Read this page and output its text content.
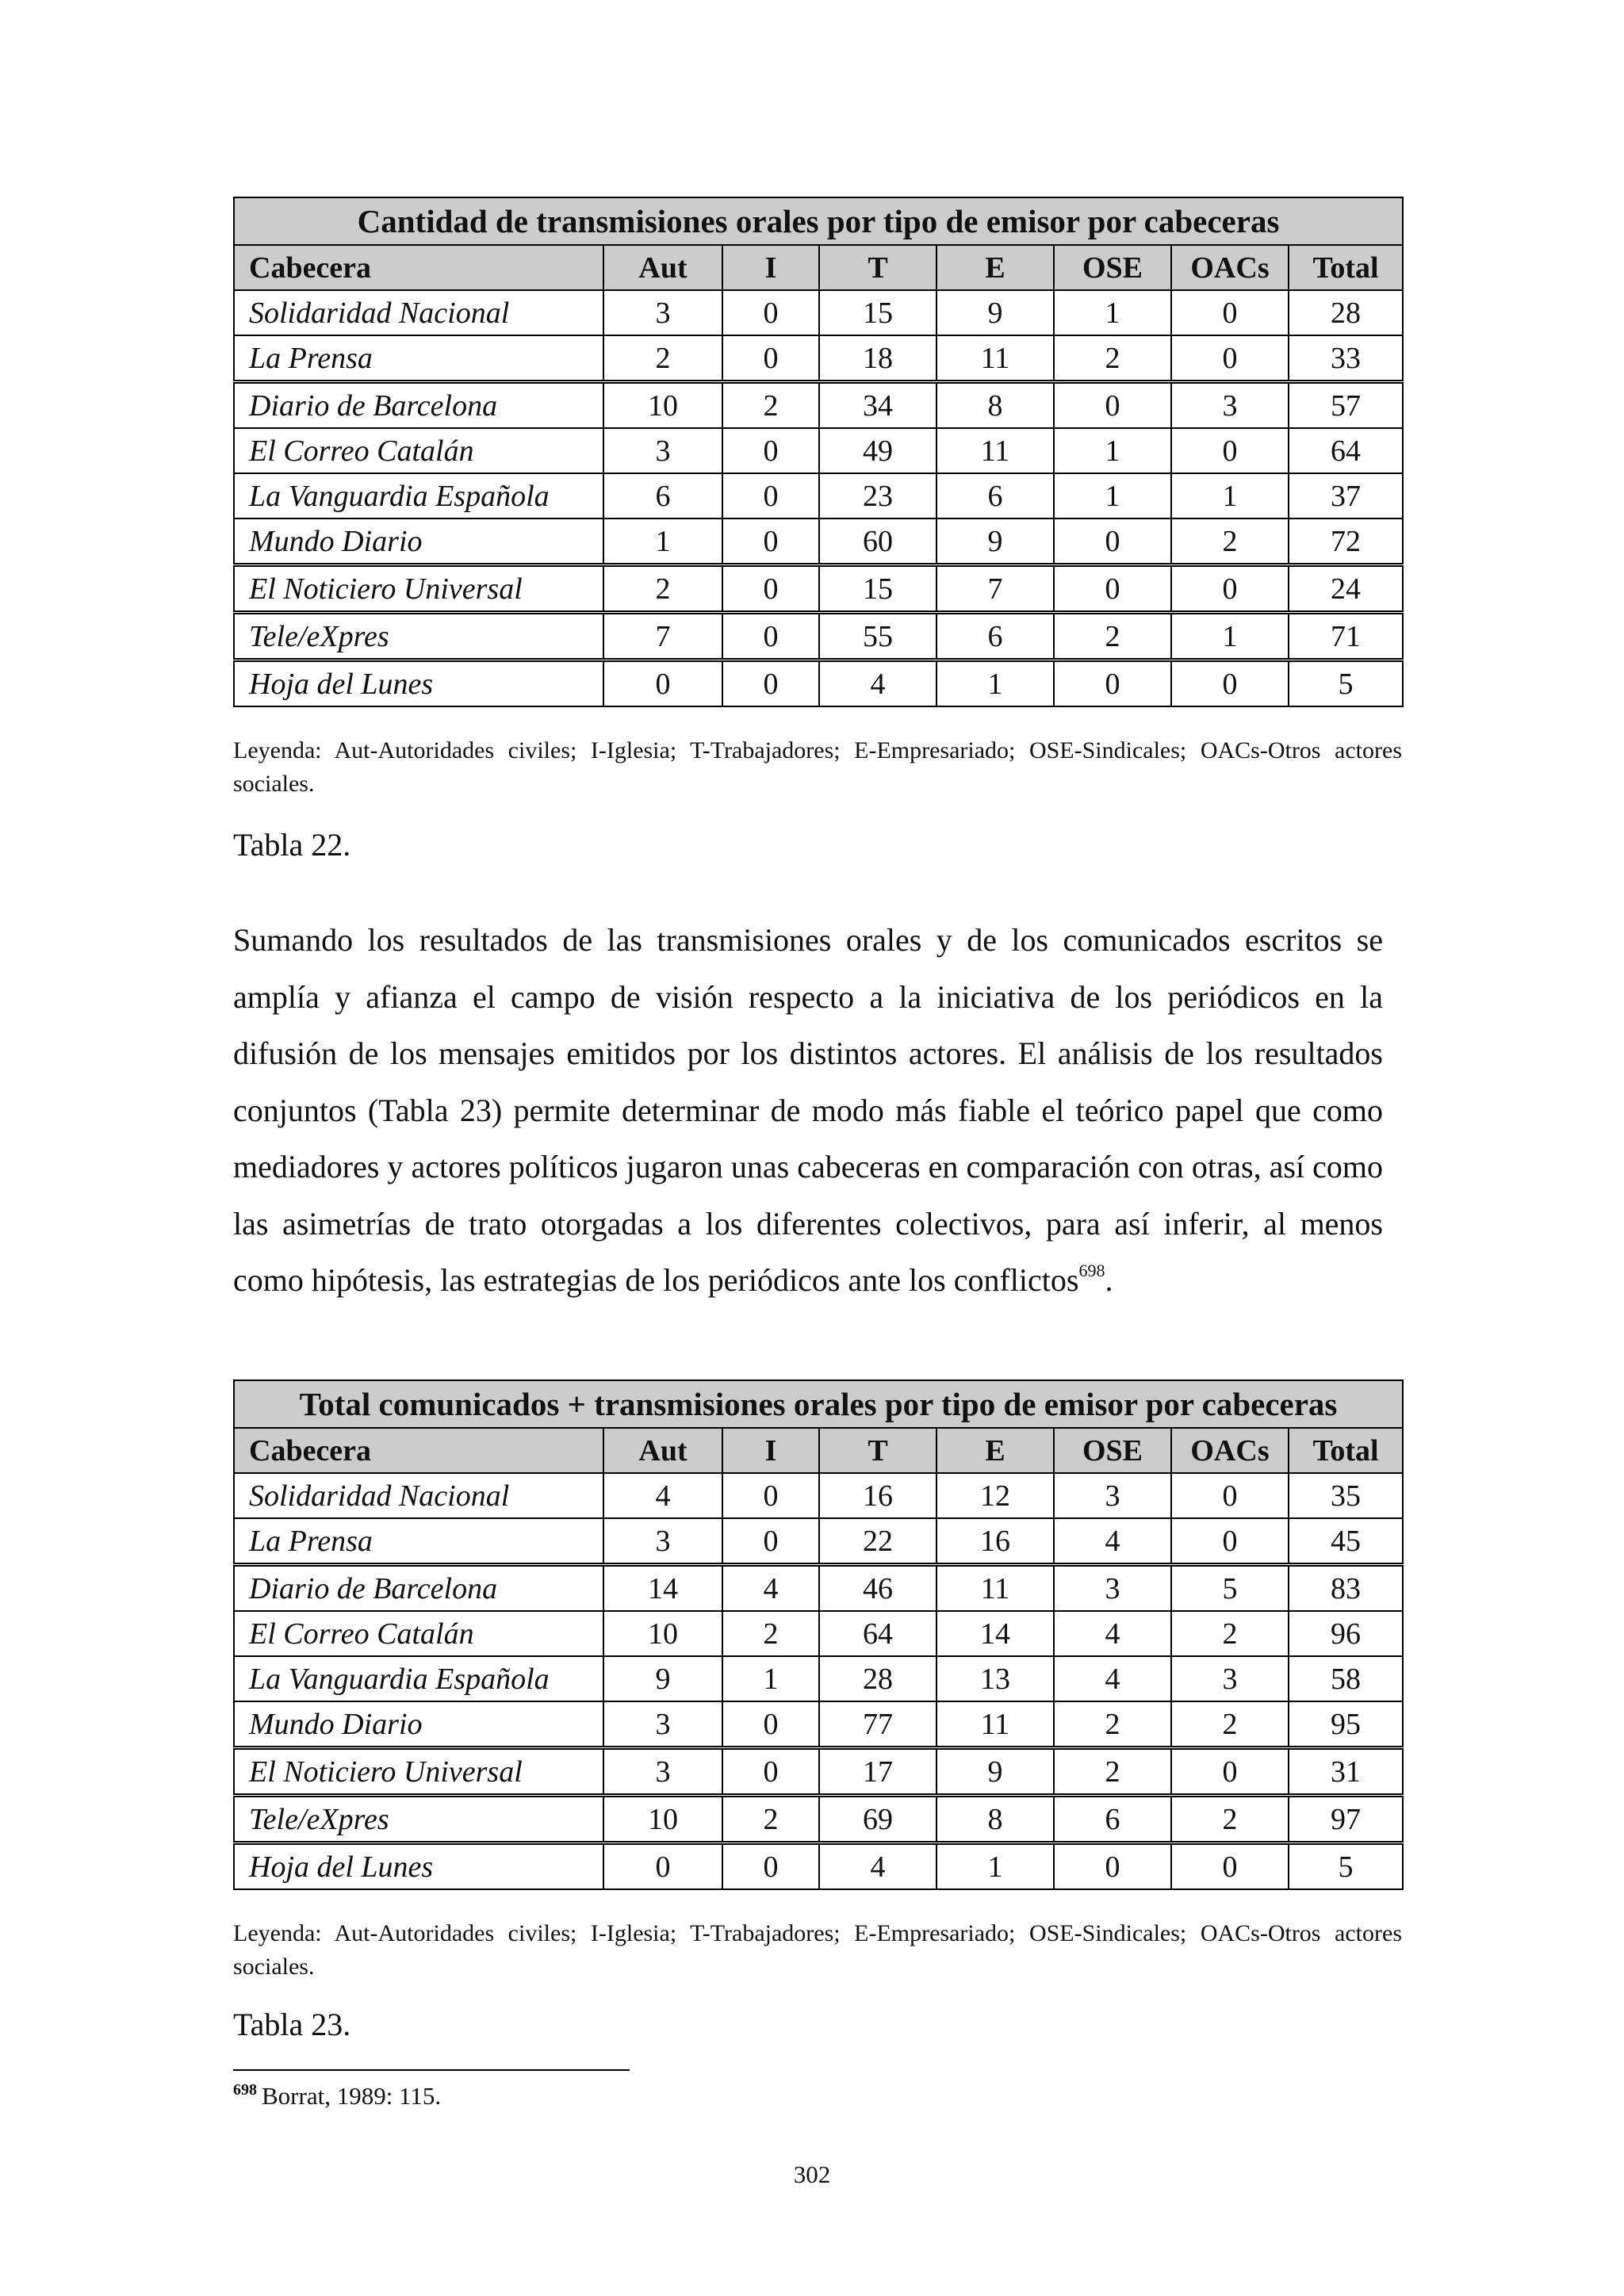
Cantidad de transmisiones orales por tipo de emisor por cabeceras							
Cabecera	Aut	I	T	E	OSE	OACs	Total
Solidaridad Nacional	3	0	15	9	1	0	28
La Prensa	2	0	18	11	2	0	33
Diario de Barcelona	10	2	34	8	0	3	57
El Correo Catalán	3	0	49	11	1	0	64
La Vanguardia Española	6	0	23	6	1	1	37
Mundo Diario	1	0	60	9	0	2	72
El Noticiero Universal	2	0	15	7	0	0	24
Tele/eXpres	7	0	55	6	2	1	71
Hoja del Lunes	0	0	4	1	0	0	5
Leyenda: Aut-Autoridades civiles; I-Iglesia; T-Trabajadores; E-Empresariado; OSE-Sindicales; OACs-Otros actores sociales.
Tabla 22.
Sumando los resultados de las transmisiones orales y de los comunicados escritos se amplía y afianza el campo de visión respecto a la iniciativa de los periódicos en la difusión de los mensajes emitidos por los distintos actores. El análisis de los resultados conjuntos (Tabla 23) permite determinar de modo más fiable el teórico papel que como mediadores y actores políticos jugaron unas cabeceras en comparación con otras, así como las asimetrías de trato otorgadas a los diferentes colectivos, para así inferir, al menos como hipótesis, las estrategias de los periódicos ante los conflictos$^{698}$.
Total comunicados + transmisiones orales por tipo de emisor por cabeceras							
Cabecera	Aut	I	T	E	OSE	OACs	Total
Solidaridad Nacional	4	0	16	12	3	0	35
La Prensa	3	0	22	16	4	0	45
Diario de Barcelona	14	4	46	11	3	5	83
El Correo Catalán	10	2	64	14	4	2	96
La Vanguardia Española	9	1	28	13	4	3	58
Mundo Diario	3	0	77	11	2	2	95
El Noticiero Universal	3	0	17	9	2	0	31
Tele/eXpres	10	2	69	8	6	2	97
Hoja del Lunes	0	0	4	1	0	0	5
Leyenda: Aut-Autoridades civiles; I-Iglesia; T-Trabajadores; E-Empresariado; OSE-Sindicales; OACs-Otros actores sociales.
Tabla 23.
$^{698}$ Borrat, 1989: 115.
302
